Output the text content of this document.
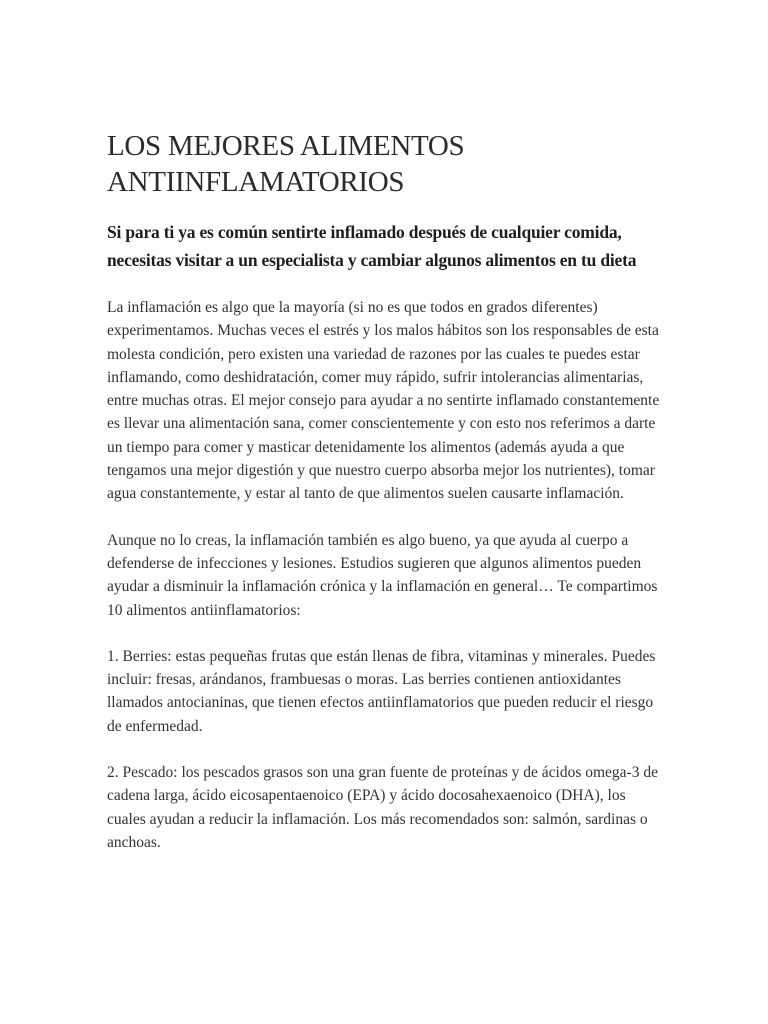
LOS MEJORES ALIMENTOS ANTIINFLAMATORIOS
Si para ti ya es común sentirte inflamado después de cualquier comida, necesitas visitar a un especialista y cambiar algunos alimentos en tu dieta

La inflamación es algo que la mayoría (si no es que todos en grados diferentes) experimentamos. Muchas veces el estrés y los malos hábitos son los responsables de esta molesta condición, pero existen una variedad de razones por las cuales te puedes estar inflamando, como deshidratación, comer muy rápido, sufrir intolerancias alimentarias, entre muchas otras. El mejor consejo para ayudar a no sentirte inflamado constantemente es llevar una alimentación sana, comer conscientemente y con esto nos referimos a darte un tiempo para comer y masticar detenidamente los alimentos (además ayuda a que tengamos una mejor digestión y que nuestro cuerpo absorba mejor los nutrientes), tomar agua constantemente, y estar al tanto de que alimentos suelen causarte inflamación.

Aunque no lo creas, la inflamación también es algo bueno, ya que ayuda al cuerpo a defenderse de infecciones y lesiones. Estudios sugieren que algunos alimentos pueden ayudar a disminuir la inflamación crónica y la inflamación en general… Te compartimos 10 alimentos antiinflamatorios:

1. Berries: estas pequeñas frutas que están llenas de fibra, vitaminas y minerales. Puedes incluir: fresas, arándanos, frambuesas o moras. Las berries contienen antioxidantes llamados antocianinas, que tienen efectos antiinflamatorios que pueden reducir el riesgo de enfermedad.

2. Pescado: los pescados grasos son una gran fuente de proteínas y de ácidos omega-3 de cadena larga, ácido eicosapentaenoico (EPA) y ácido docosahexaenoico (DHA), los cuales ayudan a reducir la inflamación. Los más recomendados son: salmón, sardinas o anchoas.
